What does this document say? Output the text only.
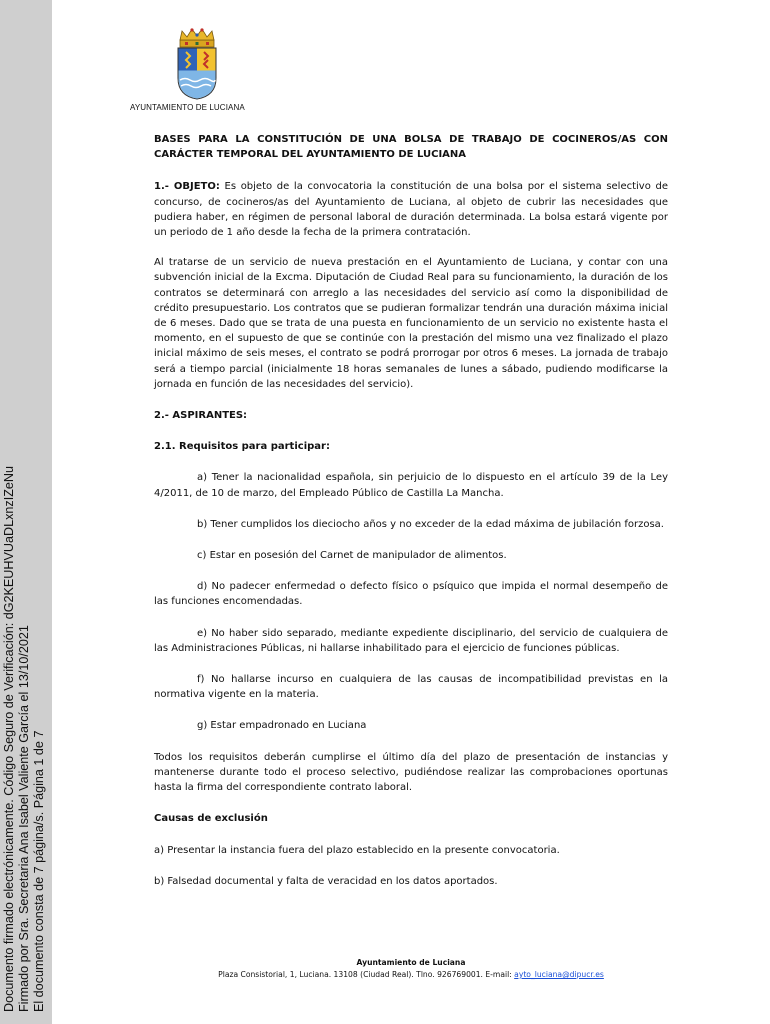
Documento firmado electrónicamente. Código Seguro de Verificación: dG2KEUHVUaDLxnzIZeNu Firmado por Sra. Secretaria Ana Isabel Valiente García el 13/10/2021 El documento consta de 7 página/s. Página 1 de 7
AYUNTAMIENTO DE LUCIANA

BASES PARA LA CONSTITUCIÓN DE UNA BOLSA DE TRABAJO DE COCINEROS/AS CON CARÁCTER TEMPORAL DEL AYUNTAMIENTO DE LUCIANA

1.- OBJETO: Es objeto de la convocatoria la constitución de una bolsa por el sistema selectivo de concurso, de cocineros/as del Ayuntamiento de Luciana, al objeto de cubrir las necesidades que pudiera haber, en régimen de personal laboral de duración determinada. La bolsa estará vigente por un periodo de 1 año desde la fecha de la primera contratación.

Al tratarse de un servicio de nueva prestación en el Ayuntamiento de Luciana, y contar con una subvención inicial de la Excma. Diputación de Ciudad Real para su funcionamiento, la duración de los contratos se determinará con arreglo a las necesidades del servicio así como la disponibilidad de crédito presupuestario. Los contratos que se pudieran formalizar tendrán una duración máxima inicial de 6 meses. Dado que se trata de una puesta en funcionamiento de un servicio no existente hasta el momento, en el supuesto de que se continúe con la prestación del mismo una vez finalizado el plazo inicial máximo de seis meses, el contrato se podrá prorrogar por otros 6 meses. La jornada de trabajo será a tiempo parcial (inicialmente 18 horas semanales de lunes a sábado, pudiendo modificarse la jornada en función de las necesidades del servicio).

2.- ASPIRANTES:

2.1. Requisitos para participar:

a) Tener la nacionalidad española, sin perjuicio de lo dispuesto en el artículo 39 de la Ley 4/2011, de 10 de marzo, del Empleado Público de Castilla La Mancha.

b) Tener cumplidos los dieciocho años y no exceder de la edad máxima de jubilación forzosa.

c) Estar en posesión del Carnet de manipulador de alimentos.

d) No padecer enfermedad o defecto físico o psíquico que impida el normal desempeño de las funciones encomendadas.

e) No haber sido separado, mediante expediente disciplinario, del servicio de cualquiera de las Administraciones Públicas, ni hallarse inhabilitado para el ejercicio de funciones públicas.

f) No hallarse incurso en cualquiera de las causas de incompatibilidad previstas en la normativa vigente en la materia.

g) Estar empadronado en Luciana

Todos los requisitos deberán cumplirse el último día del plazo de presentación de instancias y mantenerse durante todo el proceso selectivo, pudiéndose realizar las comprobaciones oportunas hasta la firma del correspondiente contrato laboral.

Causas de exclusión

a) Presentar la instancia fuera del plazo establecido en la presente convocatoria.

b) Falsedad documental y falta de veracidad en los datos aportados.

Ayuntamiento de Luciana
Plaza Consistorial, 1, Luciana. 13108 (Ciudad Real). Tlno. 926769001. E-mail: ayto_luciana@dipucr.es
